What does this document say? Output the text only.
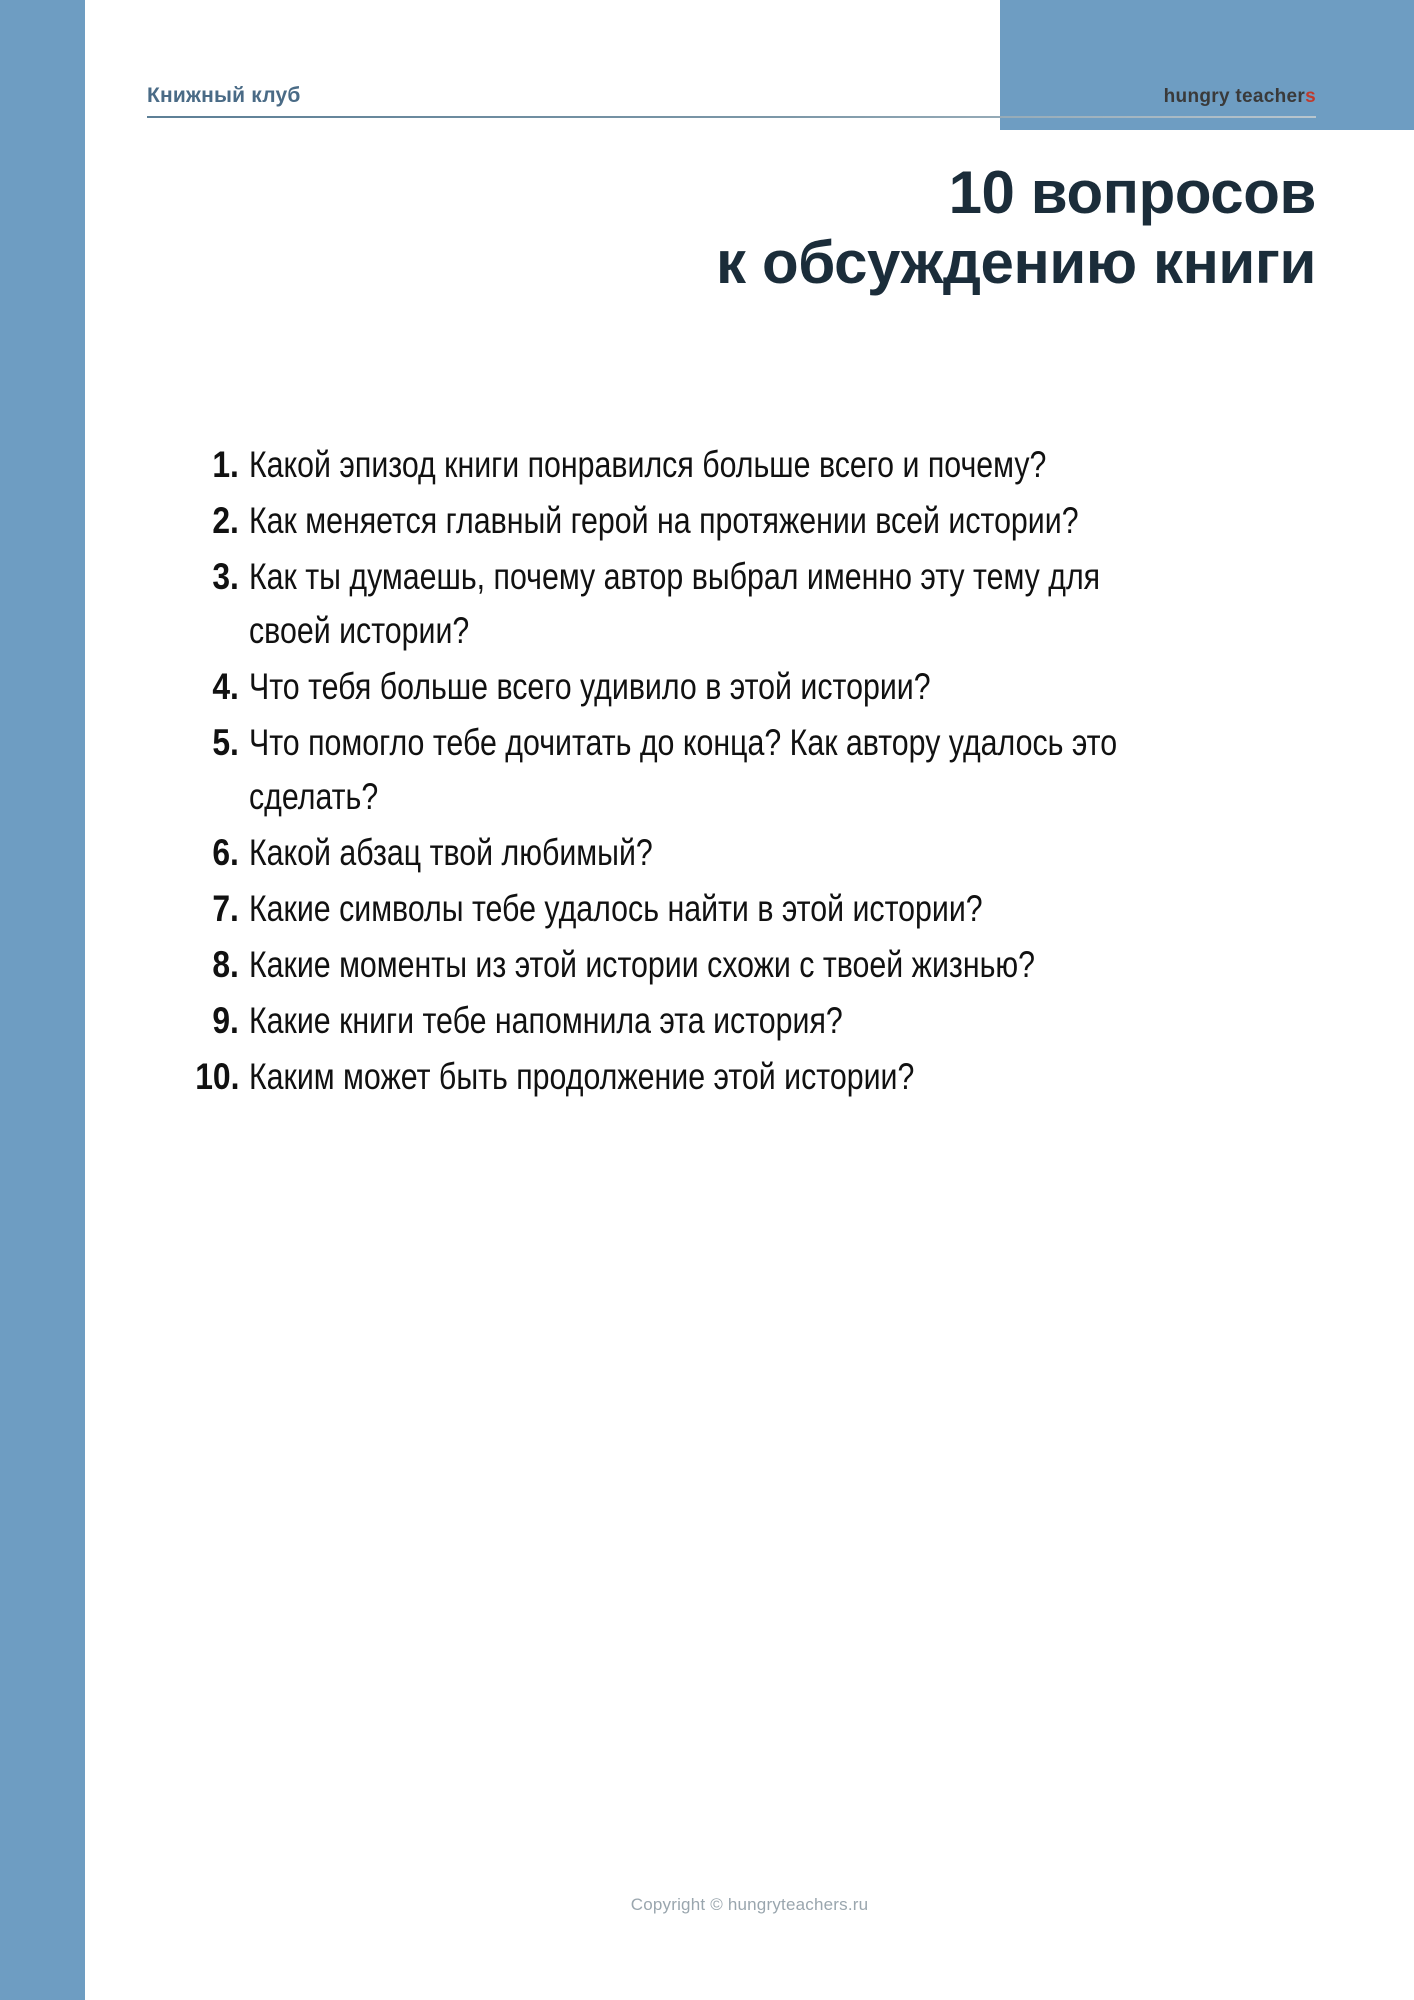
Книжный клуб	hungry teachers
10 вопросов
к обсуждению книги
1. Какой эпизод книги понравился больше всего и почему?
2. Как меняется главный герой на протяжении всей истории?
3. Как ты думаешь, почему автор выбрал именно эту тему для своей истории?
4. Что тебя больше всего удивило в этой истории?
5. Что помогло тебе дочитать до конца? Как автору удалось это сделать?
6. Какой абзац твой любимый?
7. Какие символы тебе удалось найти в этой истории?
8. Какие моменты из этой истории схожи с твоей жизнью?
9. Какие книги тебе напомнила эта история?
10. Каким может быть продолжение этой истории?
Copyright © hungryteachers.ru
